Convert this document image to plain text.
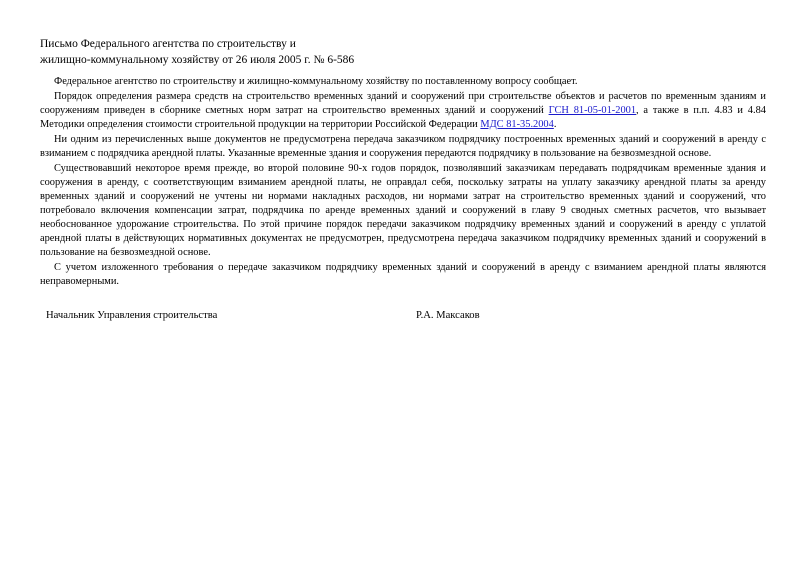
Письмо Федерального агентства по строительству и
жилищно-коммунальному хозяйству от 26 июля 2005 г. № 6-586

Федеральное агентство по строительству и жилищно-коммунальному хозяйству по поставленному вопросу сообщает.

Порядок определения размера средств на строительство временных зданий и сооружений при строительстве объектов и расчетов по временным зданиям и сооружениям приведен в сборнике сметных норм затрат на строительство временных зданий и сооружений ГСН 81-05-01-2001, а также в п.п. 4.83 и 4.84 Методики определения стоимости строительной продукции на территории Российской Федерации МДС 81-35.2004.

Ни одним из перечисленных выше документов не предусмотрена передача заказчиком подрядчику построенных временных зданий и сооружений в аренду с взиманием с подрядчика арендной платы. Указанные временные здания и сооружения передаются подрядчику в пользование на безвозмездной основе.

Существовавший некоторое время прежде, во второй половине 90-х годов порядок, позволявший заказчикам передавать подрядчикам временные здания и сооружения в аренду, с соответствующим взиманием арендной платы, не оправдал себя, поскольку затраты на уплату заказчику арендной платы за аренду временных зданий и сооружений не учтены ни нормами накладных расходов, ни нормами затрат на строительство временных зданий и сооружений, что потребовало включения компенсации затрат, подрядчика по аренде временных зданий и сооружений в главу 9 сводных сметных расчетов, что вызывает необоснованное удорожание строительства. По этой причине порядок передачи заказчиком подрядчику временных зданий и сооружений в аренду с уплатой арендной платы в действующих нормативных документах не предусмотрен, предусмотрена передача заказчиком подрядчику временных зданий и сооружений в пользование на безвозмездной основе.

С учетом изложенного требования о передаче заказчиком подрядчику временных зданий и сооружений в аренду с взиманием арендной платы являются неправомерными.

Начальник Управления строительства	Р.А. Максаков
